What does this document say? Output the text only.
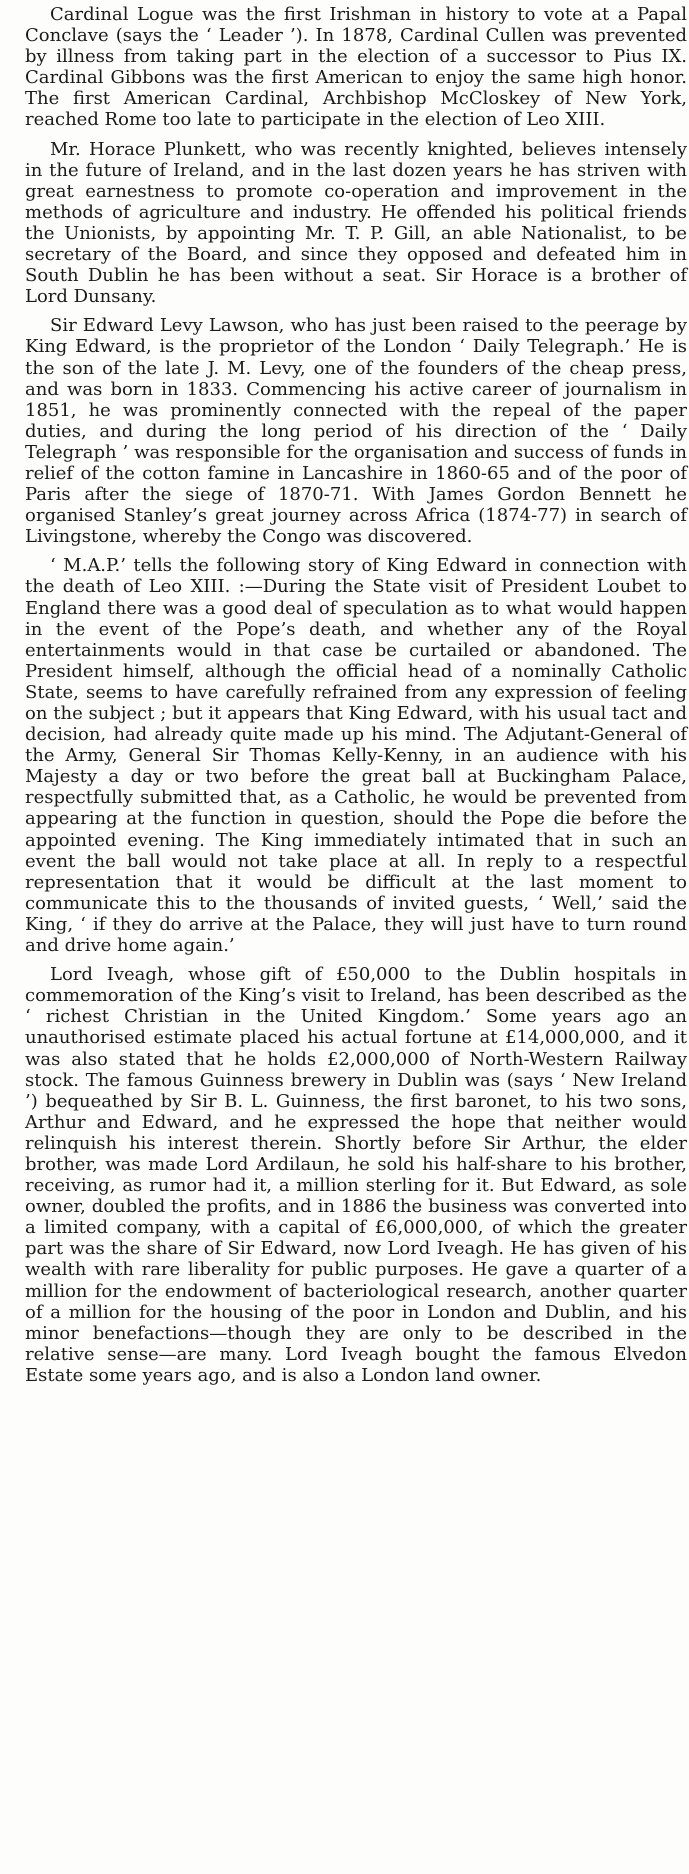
Cardinal Logue was the first Irishman in history to vote at a Papal Conclave (says the ‘ Leader ’). In 1878, Cardinal Cullen was prevented by illness from taking part in the election of a successor to Pius IX. Cardinal Gibbons was the first American to enjoy the same high honor. The first American Cardinal, Archbishop McCloskey of New York, reached Rome too late to participate in the election of Leo XIII.

Mr. Horace Plunkett, who was recently knighted, believes intensely in the future of Ireland, and in the last dozen years he has striven with great earnestness to promote co-operation and improvement in the methods of agriculture and industry. He offended his political friends the Unionists, by appointing Mr. T. P. Gill, an able Nationalist, to be secretary of the Board, and since they opposed and defeated him in South Dublin he has been without a seat. Sir Horace is a brother of Lord Dunsany.

Sir Edward Levy Lawson, who has just been raised to the peerage by King Edward, is the proprietor of the London ‘ Daily Telegraph.’ He is the son of the late J. M. Levy, one of the founders of the cheap press, and was born in 1833. Commencing his active career of journalism in 1851, he was prominently connected with the repeal of the paper duties, and during the long period of his direction of the ‘ Daily Telegraph ’ was responsible for the organisation and success of funds in relief of the cotton famine in Lancashire in 1860-65 and of the poor of Paris after the siege of 1870-71. With James Gordon Bennett he organised Stanley’s great journey across Africa (1874-77) in search of Livingstone, whereby the Congo was discovered.

‘ M.A.P.’ tells the following story of King Edward in connection with the death of Leo XIII. :—During the State visit of President Loubet to England there was a good deal of speculation as to what would happen in the event of the Pope’s death, and whether any of the Royal entertainments would in that case be curtailed or abandoned. The President himself, although the official head of a nominally Catholic State, seems to have carefully refrained from any expression of feeling on the subject ; but it appears that King Edward, with his usual tact and decision, had already quite made up his mind. The Adjutant-General of the Army, General Sir Thomas Kelly-Kenny, in an audience with his Majesty a day or two before the great ball at Buckingham Palace, respectfully submitted that, as a Catholic, he would be prevented from appearing at the function in question, should the Pope die before the appointed evening. The King immediately intimated that in such an event the ball would not take place at all. In reply to a respectful representation that it would be difficult at the last moment to communicate this to the thousands of invited guests, ‘ Well,’ said the King, ‘ if they do arrive at the Palace, they will just have to turn round and drive home again.’

Lord Iveagh, whose gift of £50,000 to the Dublin hospitals in commemoration of the King’s visit to Ireland, has been described as the ‘ richest Christian in the United Kingdom.’ Some years ago an unauthorised estimate placed his actual fortune at £14,000,000, and it was also stated that he holds £2,000,000 of North-Western Railway stock. The famous Guinness brewery in Dublin was (says ‘ New Ireland ’) bequeathed by Sir B. L. Guinness, the first baronet, to his two sons, Arthur and Edward, and he expressed the hope that neither would relinquish his interest therein. Shortly before Sir Arthur, the elder brother, was made Lord Ardilaun, he sold his half-share to his brother, receiving, as rumor had it, a million sterling for it. But Edward, as sole owner, doubled the profits, and in 1886 the business was converted into a limited company, with a capital of £6,000,000, of which the greater part was the share of Sir Edward, now Lord Iveagh. He has given of his wealth with rare liberality for public purposes. He gave a quarter of a million for the endowment of bacteriological research, another quarter of a million for the housing of the poor in London and Dublin, and his minor benefactions—though they are only to be described in the relative sense—are many. Lord Iveagh bought the famous Elvedon Estate some years ago, and is also a London land owner.
